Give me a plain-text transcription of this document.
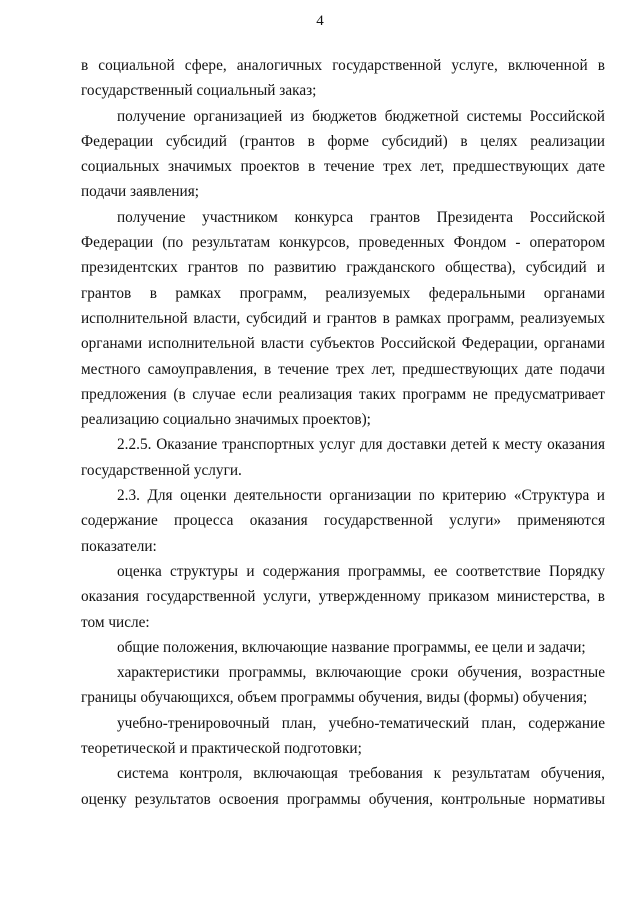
4

в социальной сфере, аналогичных государственной услуге, включенной в

государственный социальный заказ;

получение организацией из бюджетов бюджетной системы Российской

Федерации субсидий (грантов в форме субсидий) в целях реализации

социальных значимых проектов в течение трех лет, предшествующих дате

подачи заявления;

получение участником конкурса грантов Президента Российской

Федерации (по результатам конкурсов, проведенных Фондом - оператором

президентских грантов по развитию гражданского общества), субсидий и

грантов в рамках программ, реализуемых федеральными органами

исполнительной власти, субсидий и грантов в рамках программ, реализуемых

органами исполнительной власти субъектов Российской Федерации, органами

местного самоуправления, в течение трех лет, предшествующих дате подачи

предложения (в случае если реализация таких программ не предусматривает

реализацию социально значимых проектов);

2.2.5. Оказание транспортных услуг для доставки детей к месту оказания

государственной услуги.

2.3. Для оценки деятельности организации по критерию «Структура и

содержание процесса оказания государственной услуги» применяются

показатели:

оценка структуры и содержания программы, ее соответствие Порядку

оказания государственной услуги, утвержденному приказом министерства, в

том числе:

общие положения, включающие название программы, ее цели и задачи;

характеристики программы, включающие сроки обучения, возрастные

границы обучающихся, объем программы обучения, виды (формы) обучения;

учебно-тренировочный план, учебно-тематический план, содержание

теоретической и практической подготовки;

система контроля, включающая требования к результатам обучения,

оценку результатов освоения программы обучения, контрольные нормативы
